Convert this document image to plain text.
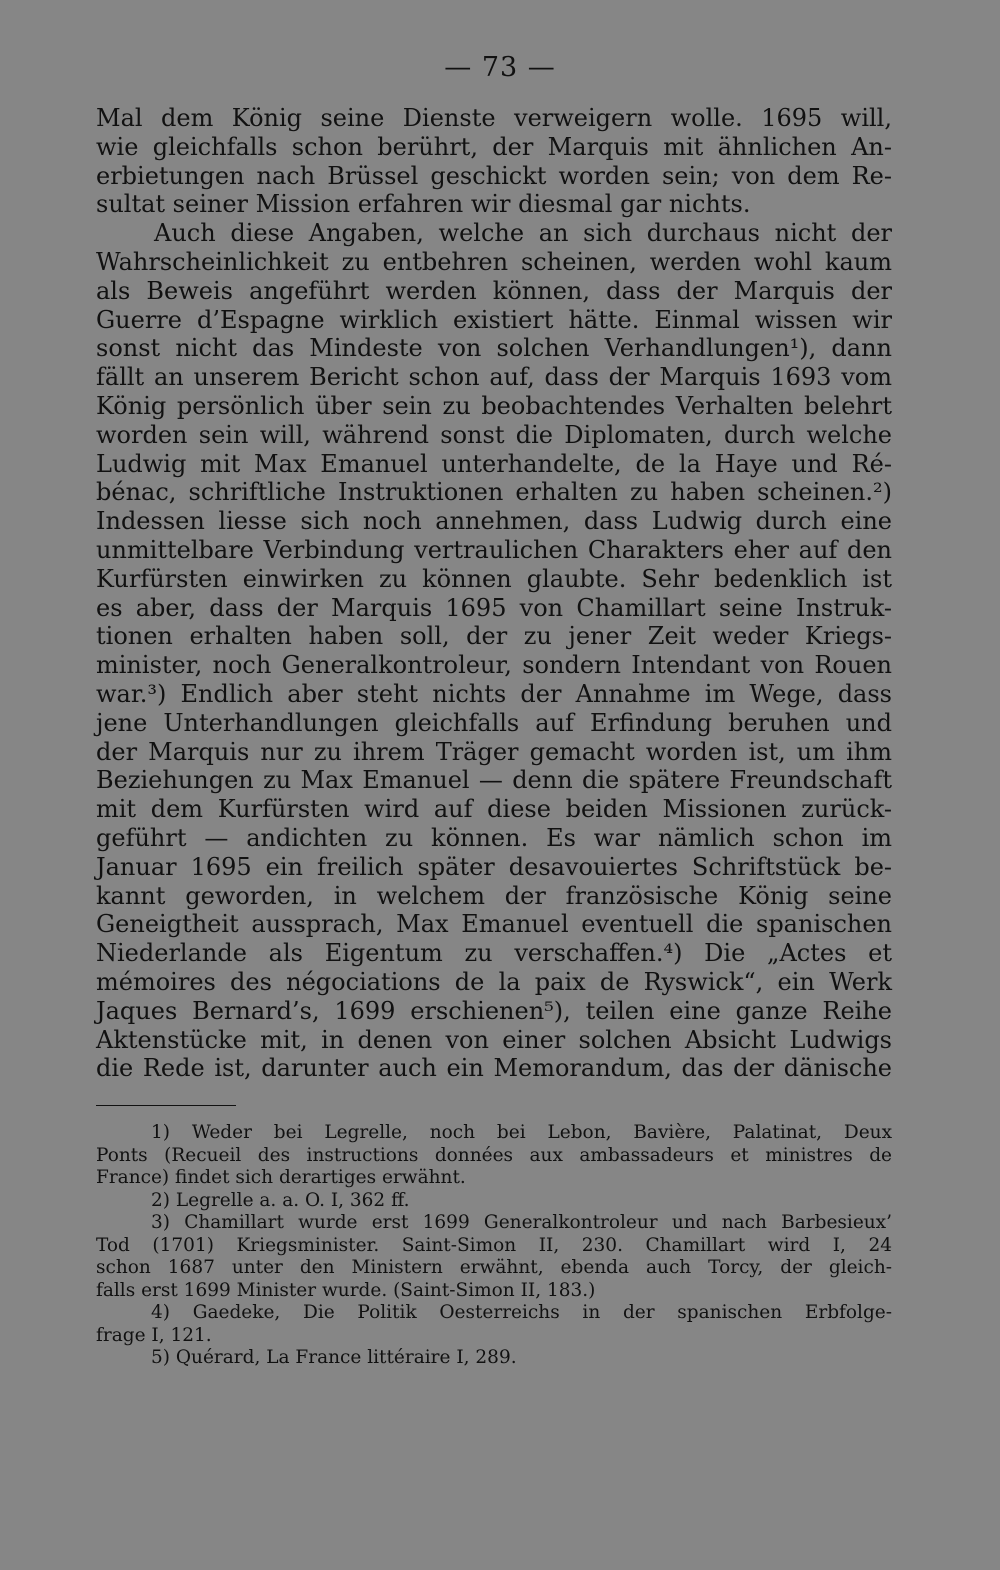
— 73 —
Mal dem König seine Dienste verweigern wolle. 1695 will,
wie gleichfalls schon berührt, der Marquis mit ähnlichen An-
erbietungen nach Brüssel geschickt worden sein; von dem Re-
sultat seiner Mission erfahren wir diesmal gar nichts.
Auch diese Angaben, welche an sich durchaus nicht der
Wahrscheinlichkeit zu entbehren scheinen, werden wohl kaum
als Beweis angeführt werden können, dass der Marquis der
Guerre d’Espagne wirklich existiert hätte. Einmal wissen wir
sonst nicht das Mindeste von solchen Verhandlungen¹), dann
fällt an unserem Bericht schon auf, dass der Marquis 1693 vom
König persönlich über sein zu beobachtendes Verhalten belehrt
worden sein will, während sonst die Diplomaten, durch welche
Ludwig mit Max Emanuel unterhandelte, de la Haye und Ré-
bénac, schriftliche Instruktionen erhalten zu haben scheinen.²)
Indessen liesse sich noch annehmen, dass Ludwig durch eine
unmittelbare Verbindung vertraulichen Charakters eher auf den
Kurfürsten einwirken zu können glaubte. Sehr bedenklich ist
es aber, dass der Marquis 1695 von Chamillart seine Instruk-
tionen erhalten haben soll, der zu jener Zeit weder Kriegs-
minister, noch Generalkontroleur, sondern Intendant von Rouen
war.³) Endlich aber steht nichts der Annahme im Wege, dass
jene Unterhandlungen gleichfalls auf Erfindung beruhen und
der Marquis nur zu ihrem Träger gemacht worden ist, um ihm
Beziehungen zu Max Emanuel — denn die spätere Freundschaft
mit dem Kurfürsten wird auf diese beiden Missionen zurück-
geführt — andichten zu können. Es war nämlich schon im
Januar 1695 ein freilich später desavouiertes Schriftstück be-
kannt geworden, in welchem der französische König seine
Geneigtheit aussprach, Max Emanuel eventuell die spanischen
Niederlande als Eigentum zu verschaffen.⁴) Die „Actes et
mémoires des négociations de la paix de Ryswick“, ein Werk
Jaques Bernard’s, 1699 erschienen⁵), teilen eine ganze Reihe
Aktenstücke mit, in denen von einer solchen Absicht Ludwigs
die Rede ist, darunter auch ein Memorandum, das der dänische
1) Weder bei Legrelle, noch bei Lebon, Bavière, Palatinat, Deux
Ponts (Recueil des instructions données aux ambassadeurs et ministres de
France) findet sich derartiges erwähnt.
2) Legrelle a. a. O. I, 362 ff.
3) Chamillart wurde erst 1699 Generalkontroleur und nach Barbesieux’
Tod (1701) Kriegsminister. Saint-Simon II, 230. Chamillart wird I, 24
schon 1687 unter den Ministern erwähnt, ebenda auch Torcy, der gleich-
falls erst 1699 Minister wurde. (Saint-Simon II, 183.)
4) Gaedeke, Die Politik Oesterreichs in der spanischen Erbfolge-
frage I, 121.
5) Quérard, La France littéraire I, 289.
